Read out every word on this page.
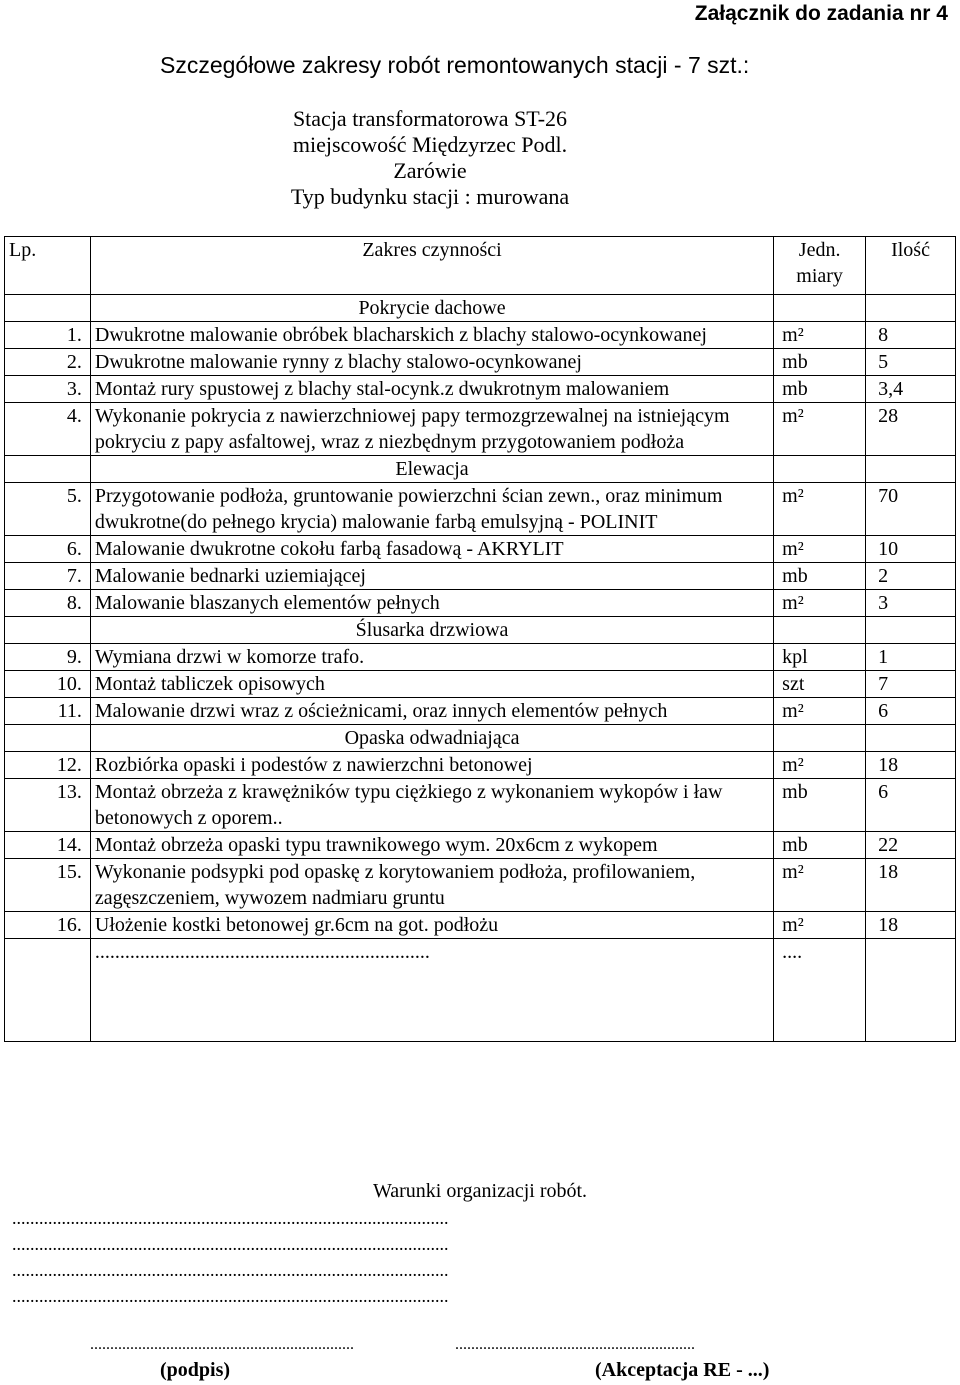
Załącznik do zadania nr 4
Szczegółowe zakresy robót remontowanych stacji - 7 szt.:
Stacja transformatorowa ST-26
miejscowość Międzyrzec Podl.
Zarówie
Typ budynku stacji : murowana
Lp.	Zakres czynności	Jedn. miary	Ilość
	Pokrycie dachowe		
1.	Dwukrotne malowanie obróbek blacharskich z blachy stalowo-ocynkowanej	m²	8
2.	Dwukrotne malowanie rynny z blachy stalowo-ocynkowanej	mb	5
3.	Montaż rury spustowej z blachy stal-ocynk.z dwukrotnym malowaniem	mb	3,4
4.	Wykonanie pokrycia z nawierzchniowej papy termozgrzewalnej na istniejącym pokryciu z papy asfaltowej, wraz z niezbędnym przygotowaniem podłoża	m²	28
	Elewacja		
5.	Przygotowanie podłoża, gruntowanie powierzchni ścian zewn., oraz minimum dwukrotne(do pełnego krycia) malowanie farbą emulsyjną - POLINIT	m²	70
6.	Malowanie dwukrotne cokołu farbą fasadową - AKRYLIT	m²	10
7.	Malowanie bednarki uziemiającej	mb	2
8.	Malowanie blaszanych elementów pełnych	m²	3
	Ślusarka drzwiowa		
9.	Wymiana drzwi w komorze trafo.	kpl	1
10.	Montaż tabliczek opisowych	szt	7
11.	Malowanie drzwi wraz z ościeżnicami, oraz innych elementów pełnych	m²	6
	Opaska odwadniająca		
12.	Rozbiórka opaski i podestów z nawierzchni betonowej	m²	18
13.	Montaż obrzeża z krawężników typu ciężkiego z wykonaniem wykopów i ław betonowych z oporem..	mb	6
14.	Montaż obrzeża opaski typu trawnikowego wym. 20x6cm z wykopem	mb	22
15.	Wykonanie podsypki pod opaskę z korytowaniem podłoża, profilowaniem, zagęszczeniem, wywozem nadmiaru gruntu	m²	18
16.	Ułożenie kostki betonowej gr.6cm na got. podłożu	m²	18
	...................................................................	....	
Warunki organizacji robót.
.................................................................................................
.................................................................................................
.................................................................................................
.................................................................................................
..................................................................	............................................................
(podpis)	(Akceptacja RE - ...)
